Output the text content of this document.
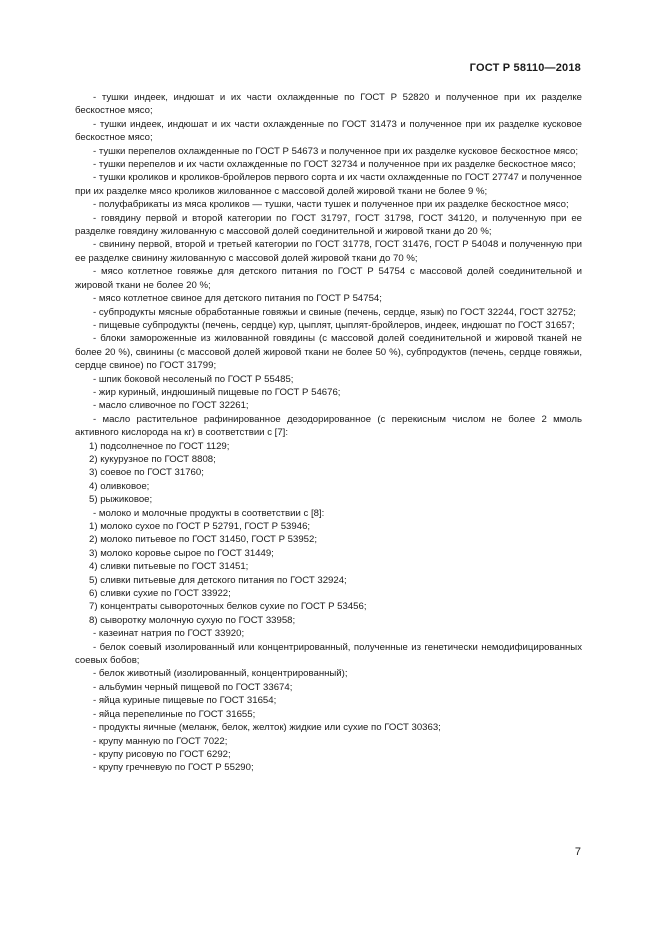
ГОСТ Р 58110—2018

- тушки индеек, индюшат и их части охлажденные по ГОСТ Р 52820 и полученное при их разделке бескостное мясо;

- тушки индеек, индюшат и их части охлажденные по ГОСТ 31473 и полученное при их разделке кусковое бескостное мясо;

- тушки перепелов охлажденные по ГОСТ Р 54673 и полученное при их разделке кусковое бескостное мясо;

- тушки перепелов и их части охлажденные по ГОСТ 32734 и полученное при их разделке бескостное мясо;

- тушки кроликов и кроликов-бройлеров первого сорта и их части охлажденные по ГОСТ 27747 и полученное при их разделке мясо кроликов жилованное с массовой долей жировой ткани не более 9 %;

- полуфабрикаты из мяса кроликов — тушки, части тушек и полученное при их разделке бескостное мясо;

- говядину первой и второй категории по ГОСТ 31797, ГОСТ 31798, ГОСТ 34120, и полученную при ее разделке говядину жилованную с массовой долей соединительной и жировой ткани до 20 %;

- свинину первой, второй и третьей категории по ГОСТ 31778, ГОСТ 31476, ГОСТ Р 54048 и полученную при ее разделке свинину жилованную с массовой долей жировой ткани до 70 %;

- мясо котлетное говяжье для детского питания по ГОСТ Р 54754 с массовой долей соединительной и жировой ткани не более 20 %;

- мясо котлетное свиное для детского питания по ГОСТ Р 54754;

- субпродукты мясные обработанные говяжьи и свиные (печень, сердце, язык) по ГОСТ 32244, ГОСТ 32752;

- пищевые субпродукты (печень, сердце) кур, цыплят, цыплят-бройлеров, индеек, индюшат по ГОСТ 31657;

- блоки замороженные из жилованной говядины (с массовой долей соединительной и жировой тканей не более 20 %), свинины (с массовой долей жировой ткани не более 50 %), субпродуктов (печень, сердце говяжьи, сердце свиное) по ГОСТ 31799;

- шпик боковой несоленый по ГОСТ Р 55485;

- жир куриный, индюшиный пищевые по ГОСТ Р 54676;

- масло сливочное по ГОСТ 32261;

- масло растительное рафинированное дезодорированное (с перекисным числом не более 2 ммоль активного кислорода на кг) в соответствии с [7]:

1) подсолнечное по ГОСТ 1129;

2) кукурузное по ГОСТ 8808;

3) соевое по ГОСТ 31760;

4) оливковое;

5) рыжиковое;

- молоко и молочные продукты в соответствии с [8]:

1) молоко сухое по ГОСТ Р 52791, ГОСТ Р 53946;

2) молоко питьевое по ГОСТ 31450, ГОСТ Р 53952;

3) молоко коровье сырое по ГОСТ 31449;

4) сливки питьевые по ГОСТ 31451;

5) сливки питьевые для детского питания по ГОСТ 32924;

6) сливки сухие по ГОСТ 33922;

7) концентраты сывороточных белков сухие по ГОСТ Р 53456;

8) сыворотку молочную сухую по ГОСТ 33958;

- казеинат натрия по ГОСТ 33920;

- белок соевый изолированный или концентрированный, полученные из генетически немодифицированных соевых бобов;

- белок животный (изолированный, концентрированный);

- альбумин черный пищевой по ГОСТ 33674;

- яйца куриные пищевые по ГОСТ 31654;

- яйца перепелиные по ГОСТ 31655;

- продукты яичные (меланж, белок, желток) жидкие или сухие по ГОСТ 30363;

- крупу манную по ГОСТ 7022;

- крупу рисовую по ГОСТ 6292;

- крупу гречневую по ГОСТ Р 55290;

7
